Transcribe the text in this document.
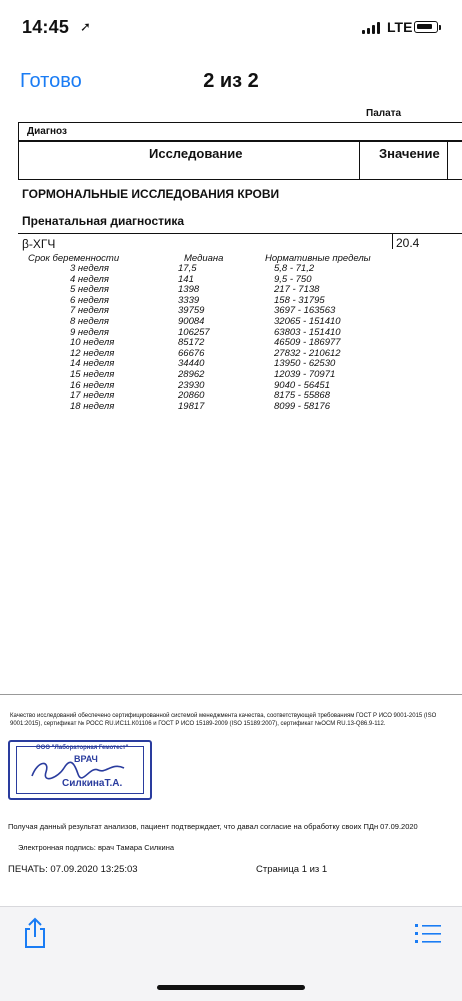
14:45 ➚	LTE
Готово	2 из 2
Палата
Диагноз
Исследование	Значение
ГОРМОНАЛЬНЫЕ ИССЛЕДОВАНИЯ КРОВИ
Пренатальная диагностика
β-ХГЧ	20.4
Срок беременности	Медиана	Нормативные пределы
3 неделя	17,5	5,8 - 71,2
4 неделя	141	9,5 - 750
5 неделя	1398	217 - 7138
6 неделя	3339	158 - 31795
7 неделя	39759	3697 - 163563
8 неделя	90084	32065 - 151410
9 неделя	106257	63803 - 151410
10 неделя	85172	46509 - 186977
12 неделя	66676	27832 - 210612
14 неделя	34440	13950 - 62530
15 неделя	28962	12039 - 70971
16 неделя	23930	9040 - 56451
17 неделя	20860	8175 - 55868
18 неделя	19817	8099 - 58176
Качество исследований обеспечено сертифицированной системой менеджмента качества, соответствующей требованиям ГОСТ Р ИСО 9001-2015 (ISO 9001:2015), сертификат № РОСС RU.ИС11.К01106 и ГОСТ Р ИСО 15189-2009 (ISO 15189:2007), сертификат №ОСМ RU.13-Q86.9-112.
ООО "Лабораторная Гемотест"
ВРАЧ
СилкинаТ.А.
Получая данный результат анализов, пациент подтверждает, что давал согласие на обработку своих ПДн 07.09.2020
Электронная подпись: врач Тамара Силкина
ПЕЧАТЬ: 07.09.2020 13:25:03	Страница 1 из 1
